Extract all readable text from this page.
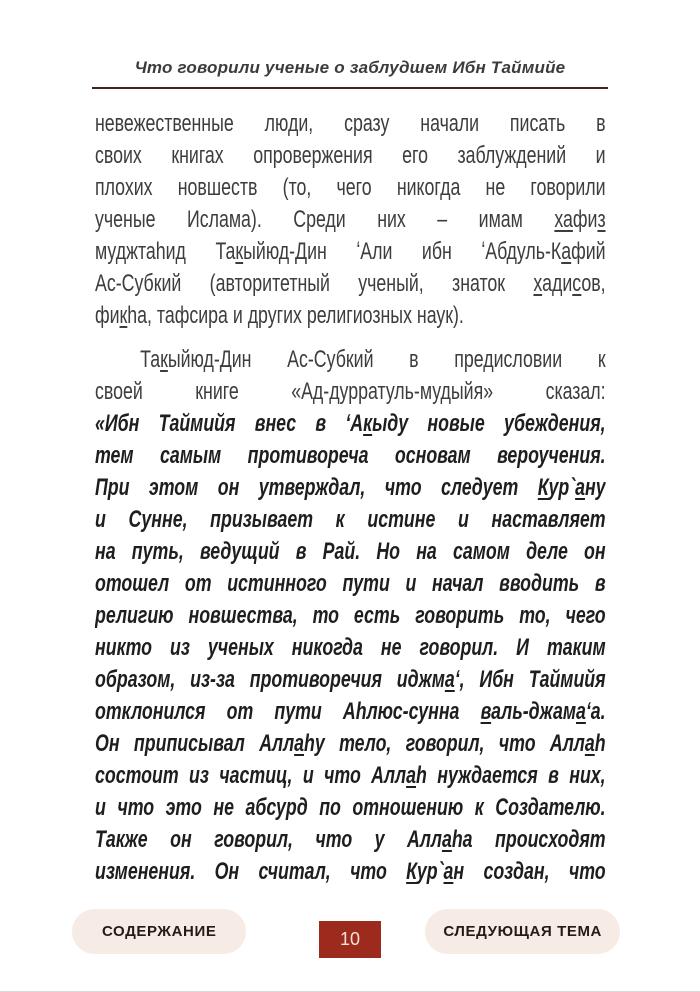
Что говорили ученые о заблудшем Ибн Таймийе
невежественные люди, сразу начали писать в
своих книгах опровержения его заблуждений и
плохих новшеств (то, чего никогда не говорили
ученые Ислама). Среди них – имам хафиз
муджтаhид Такыйюд-Дин ʻАли ибн ʻАбдуль-Кафий
Ас-Субкий (авторитетный ученый, знаток хадисов,
фикhа, тафсира и других религиозных наук).
Такыйюд-Дин Ас-Субкий в предисловии к
своей книге «Ад-дурратуль-мудыйя» сказал:
«Ибн Таймийя внес в ʻАкыду новые убеждения,
тем самым противореча основам вероучения.
При этом он утверждал, что следует Кур`ану
и Сунне, призывает к истине и наставляет
на путь, ведущий в Рай. Но на самом деле он
отошел от истинного пути и начал вводить в
религию новшества, то есть говорить то, чего
никто из ученых никогда не говорил. И таким
образом, из-за противоречия иджмаʻ, Ибн Таймийя
отклонился от пути Аhлюс-сунна валь-джамаʻа.
Он приписывал Аллаhу тело, говорил, что Аллаh
состоит из частиц, и что Аллаh нуждается в них,
и что это не абсурд по отношению к Создателю.
Также он говорил, что у Аллаhа происходят
изменения. Он считал, что Кур`ан создан, что
СОДЕРЖАНИЕ	10	СЛЕДУЮЩАЯ ТЕМА
